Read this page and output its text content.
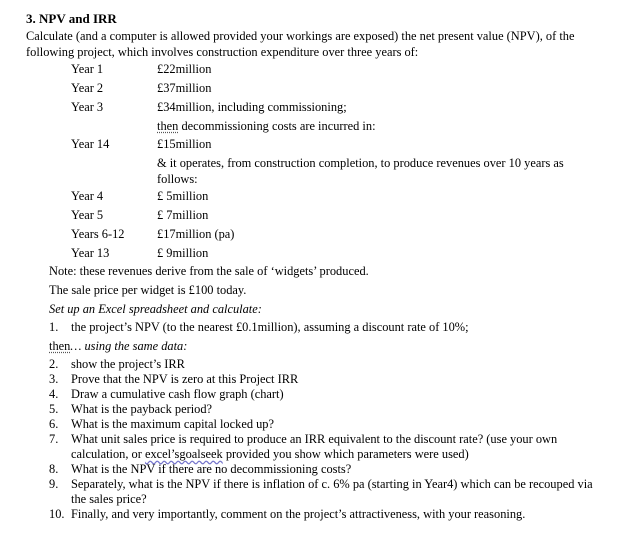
3. NPV and IRR
Calculate (and a computer is allowed provided your workings are exposed) the net present value (NPV), of the following project, which involves construction expenditure over three years of:
Year 1	£22million
Year 2	£37million
Year 3	£34million, including commissioning;
then decommissioning costs are incurred in:
Year 14	£15million
& it operates, from construction completion, to produce revenues over 10 years as follows:
Year 4	£ 5million
Year 5	£ 7million
Years 6-12	£17million (pa)
Year 13	£ 9million
Note: these revenues derive from the sale of ‘widgets’ produced.
The sale price per widget is £100 today.
Set up an Excel spreadsheet and calculate:
1. the project’s NPV (to the nearest £0.1million), assuming a discount rate of 10%;
then… using the same data:
2. show the project’s IRR
3. Prove that the NPV is zero at this Project IRR
4. Draw a cumulative cash flow graph (chart)
5. What is the payback period?
6. What is the maximum capital locked up?
7. What unit sales price is required to produce an IRR equivalent to the discount rate? (use your own calculation, or excel’sgoalseek provided you show which parameters were used)
8. What is the NPV if there are no decommissioning costs?
9. Separately, what is the NPV if there is inflation of c. 6% pa (starting in Year4) which can be recouped via the sales price?
10. Finally, and very importantly, comment on the project’s attractiveness, with your reasoning.
